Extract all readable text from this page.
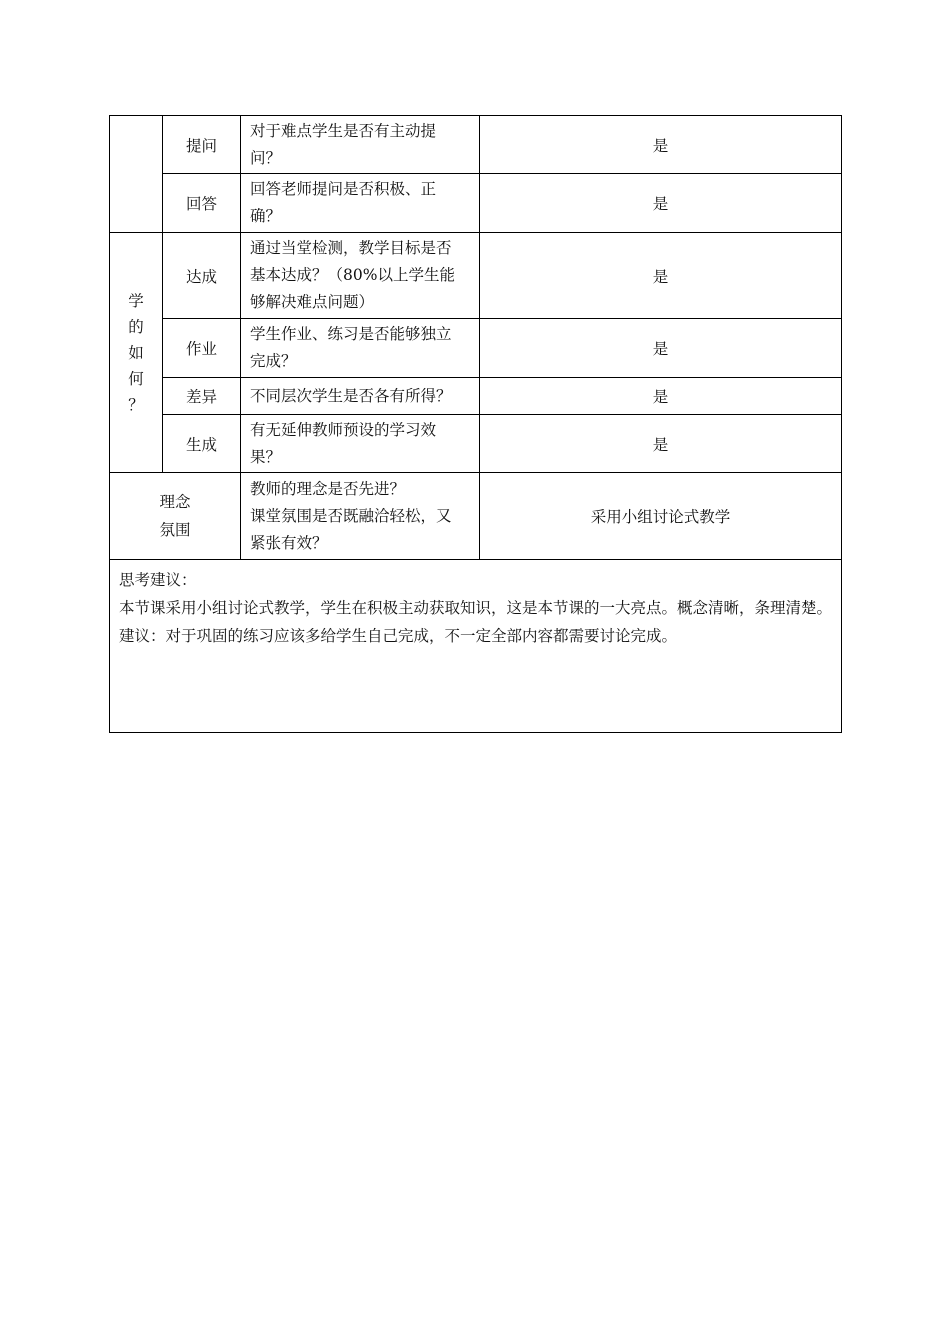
	提问	对于难点学生是否有主动提
问？	是
	回答	回答老师提问是否积极、正
确？	是

学
的
如
何
？	达成	通过当堂检测，教学目标是否
基本达成？（80%以上学生能
够解决难点问题）	是
	作业	学生作业、练习是否能够独立
完成？	是
	差异	不同层次学生是否各有所得？	是
	生成	有无延伸教师预设的学习效
果？	是

理念
氛围		教师的理念是否先进？
课堂氛围是否既融洽轻松，又
紧张有效？	采用小组讨论式教学

思考建议：
本节课采用小组讨论式教学，学生在积极主动获取知识，这是本节课的一大亮点。概念清晰，条理清楚。
建议：对于巩固的练习应该多给学生自己完成，不一定全部内容都需要讨论完成。			
